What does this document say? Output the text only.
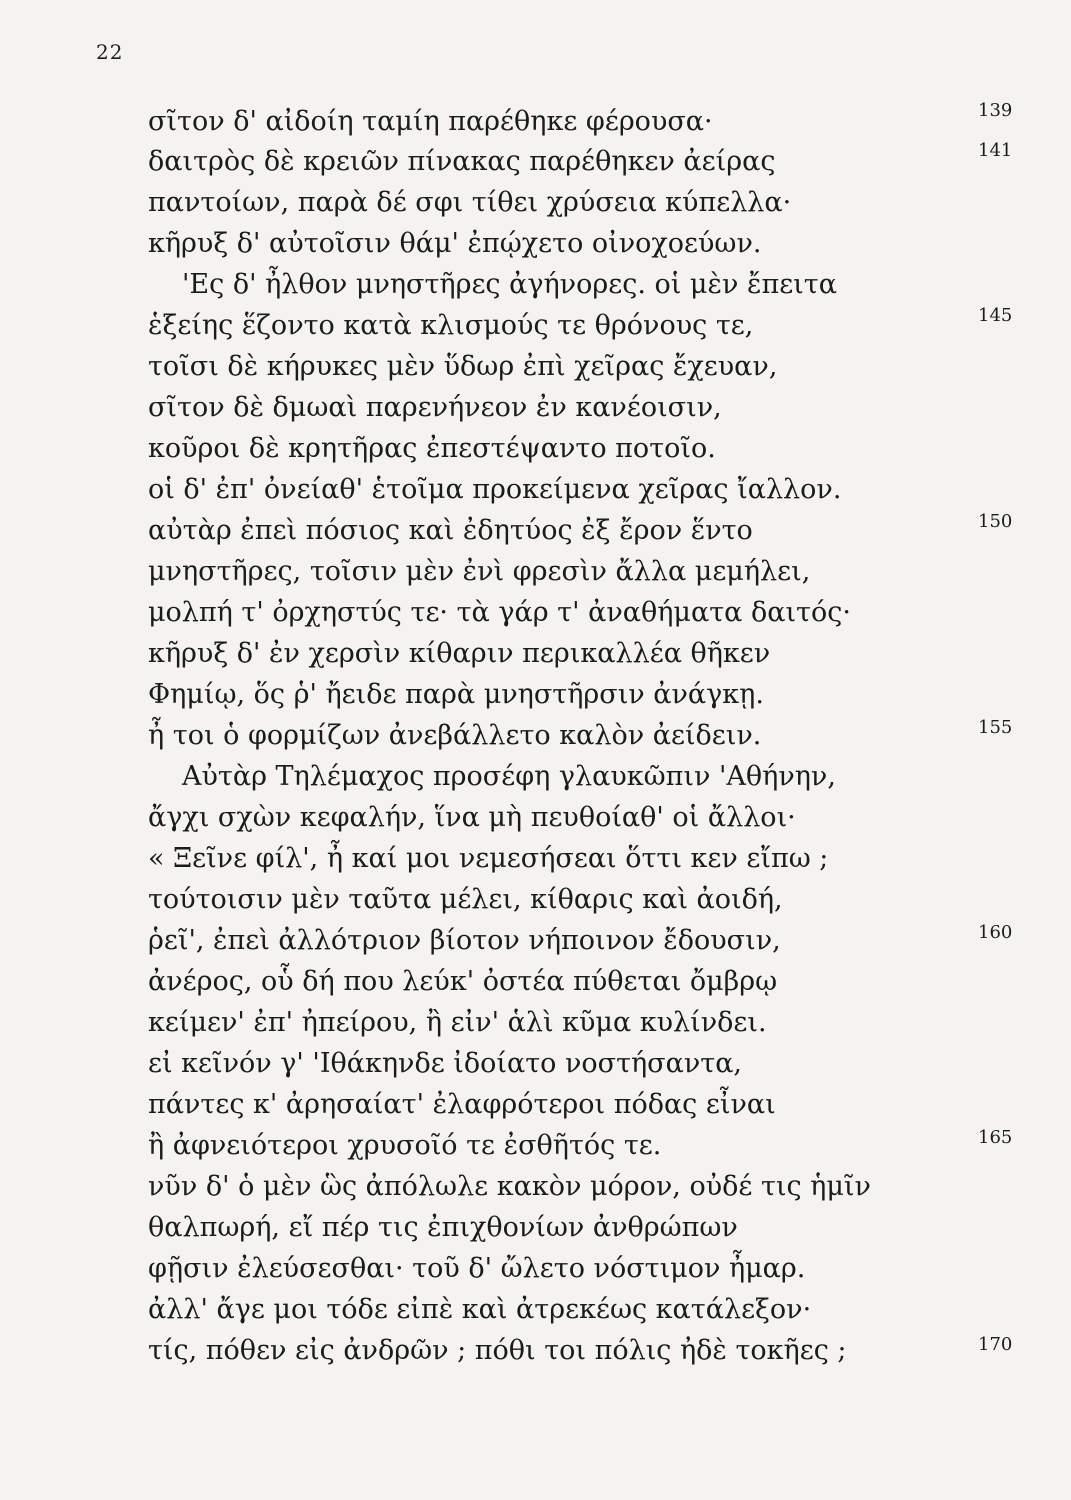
22
σῖτον δ' αἰδοίη ταμίη παρέθηκε φέρουσα·	139
δαιτρὸς δὲ κρειῶν πίνακας παρέθηκεν ἀείρας	141
παντοίων, παρὰ δέ σφι τίθει χρύσεια κύπελλα·
κῆρυξ δ' αὐτοῖσιν θάμ' ἐπῴχετο οἰνοχοεύων.
'Ες δ' ἦλθον μνηστῆρες ἀγήνορες. οἱ μὲν ἔπειτα
ἑξείης ἕζοντο κατὰ κλισμούς τε θρόνους τε,	145
τοῖσι δὲ κήρυκες μὲν ὕδωρ ἐπὶ χεῖρας ἔχευαν,
σῖτον δὲ δμωαὶ παρενήνεον ἐν κανέοισιν,
κοῦροι δὲ κρητῆρας ἐπεστέψαντο ποτοῖο.
οἱ δ' ἐπ' ὀνείαθ' ἑτοῖμα προκείμενα χεῖρας ἴαλλον.
αὐτὰρ ἐπεὶ πόσιος καὶ ἐδητύος ἐξ ἔρον ἕντο	150
μνηστῆρες, τοῖσιν μὲν ἐνὶ φρεσὶν ἄλλα μεμήλει,
μολπή τ' ὀρχηστύς τε· τὰ γάρ τ' ἀναθήματα δαιτός·
κῆρυξ δ' ἐν χερσὶν κίθαριν περικαλλέα θῆκεν
Φημίῳ, ὅς ῥ' ἤειδε παρὰ μνηστῆρσιν ἀνάγκῃ.
ἦ τοι ὁ φορμίζων ἀνεβάλλετο καλὸν ἀείδειν.	155
Αὐτὰρ Τηλέμαχος προσέφη γλαυκῶπιν 'Αθήνην,
ἄγχι σχὼν κεφαλήν, ἵνα μὴ πευθοίαθ' οἱ ἄλλοι·
« Ξεῖνε φίλ', ἦ καί μοι νεμεσήσεαι ὅττι κεν εἴπω ;
τούτοισιν μὲν ταῦτα μέλει, κίθαρις καὶ ἀοιδή,
ῥεῖ', ἐπεὶ ἀλλότριον βίοτον νήποινον ἔδουσιν,	160
ἀνέρος, οὗ δή που λεύκ' ὀστέα πύθεται ὄμβρῳ
κείμεν' ἐπ' ἠπείρου, ἢ εἰν' ἁλὶ κῦμα κυλίνδει.
εἰ κεῖνόν γ' 'Ιθάκηνδε ἰδοίατο νοστήσαντα,
πάντες κ' ἀρησαίατ' ἐλαφρότεροι πόδας εἶναι
ἢ ἀφνειότεροι χρυσοῖό τε ἐσθῆτός τε.	165
νῦν δ' ὁ μὲν ὣς ἀπόλωλε κακὸν μόρον, οὐδέ τις ἡμῖν
θαλπωρή, εἴ πέρ τις ἐπιχθονίων ἀνθρώπων
φῇσιν ἐλεύσεσθαι· τοῦ δ' ὤλετο νόστιμον ἦμαρ.
ἀλλ' ἄγε μοι τόδε εἰπὲ καὶ ἀτρεκέως κατάλεξον·
τίς, πόθεν εἰς ἀνδρῶν ; πόθι τοι πόλις ἠδὲ τοκῆες ;	170
